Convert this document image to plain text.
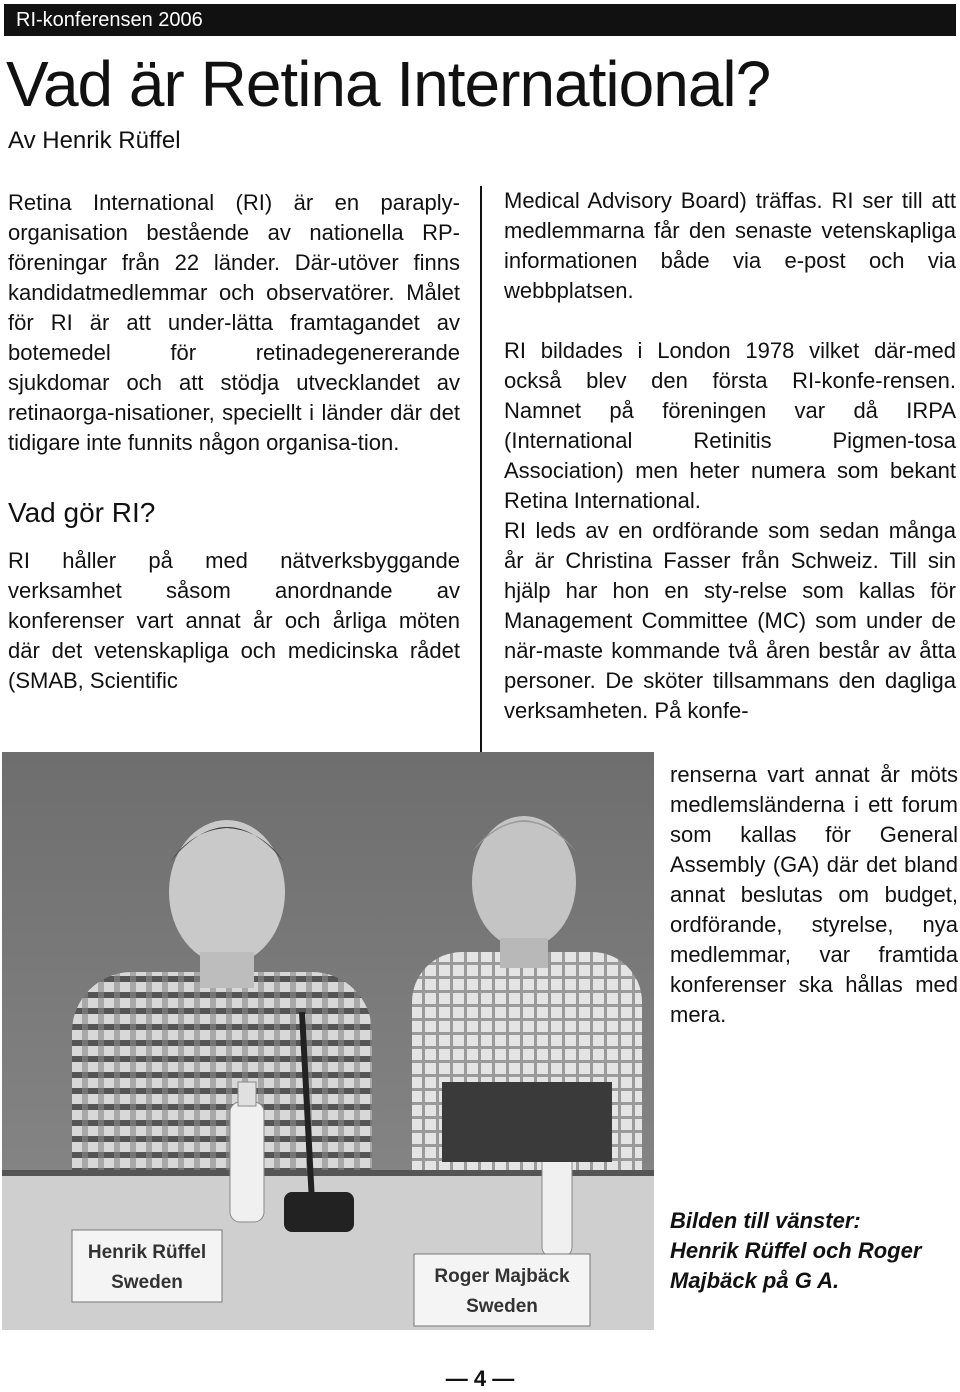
RI-konferensen 2006
Vad är Retina International?

Av Henrik Rüffel

Retina International (RI) är en paraply-organisation bestående av nationella RP-föreningar från 22 länder. Där-utöver finns kandidatmedlemmar och observatörer. Målet för RI är att under-lätta framtagandet av botemedel för retinadegenererande sjukdomar och att stödja utvecklandet av retinaorga-nisationer, speciellt i länder där det tidigare inte funnits någon organisa-tion.

Vad gör RI?

RI håller på med nätverksbyggande verksamhet såsom anordnande av konferenser vart annat år och årliga möten där det vetenskapliga och medicinska rådet (SMAB, Scientific

Medical Advisory Board) träffas. RI ser till att medlemmarna får den senaste vetenskapliga informationen både via e-post och via webbplatsen.

RI bildades i London 1978 vilket där-med också blev den första RI-konfe-rensen. Namnet på föreningen var då IRPA (International Retinitis Pigmen-tosa Association) men heter numera som bekant Retina International.

RI leds av en ordförande som sedan många år är Christina Fasser från Schweiz. Till sin hjälp har hon en sty-relse som kallas för Management Committee (MC) som under de när-maste kommande två åren består av åtta personer. De sköter tillsammans den dagliga verksamheten. På konfe-

renserna vart annat år möts medlemsländerna i ett forum som kallas för General Assembly (GA) där det bland annat beslutas om budget, ordförande, styrelse, nya medlemmar, var framtida konferenser ska hållas med mera.

Henrik Rüffel
Sweden	Roger Majbäck
Sweden

Bilden till vänster:

Henrik Rüffel och Roger Majbäck på G A.

— 4 —
